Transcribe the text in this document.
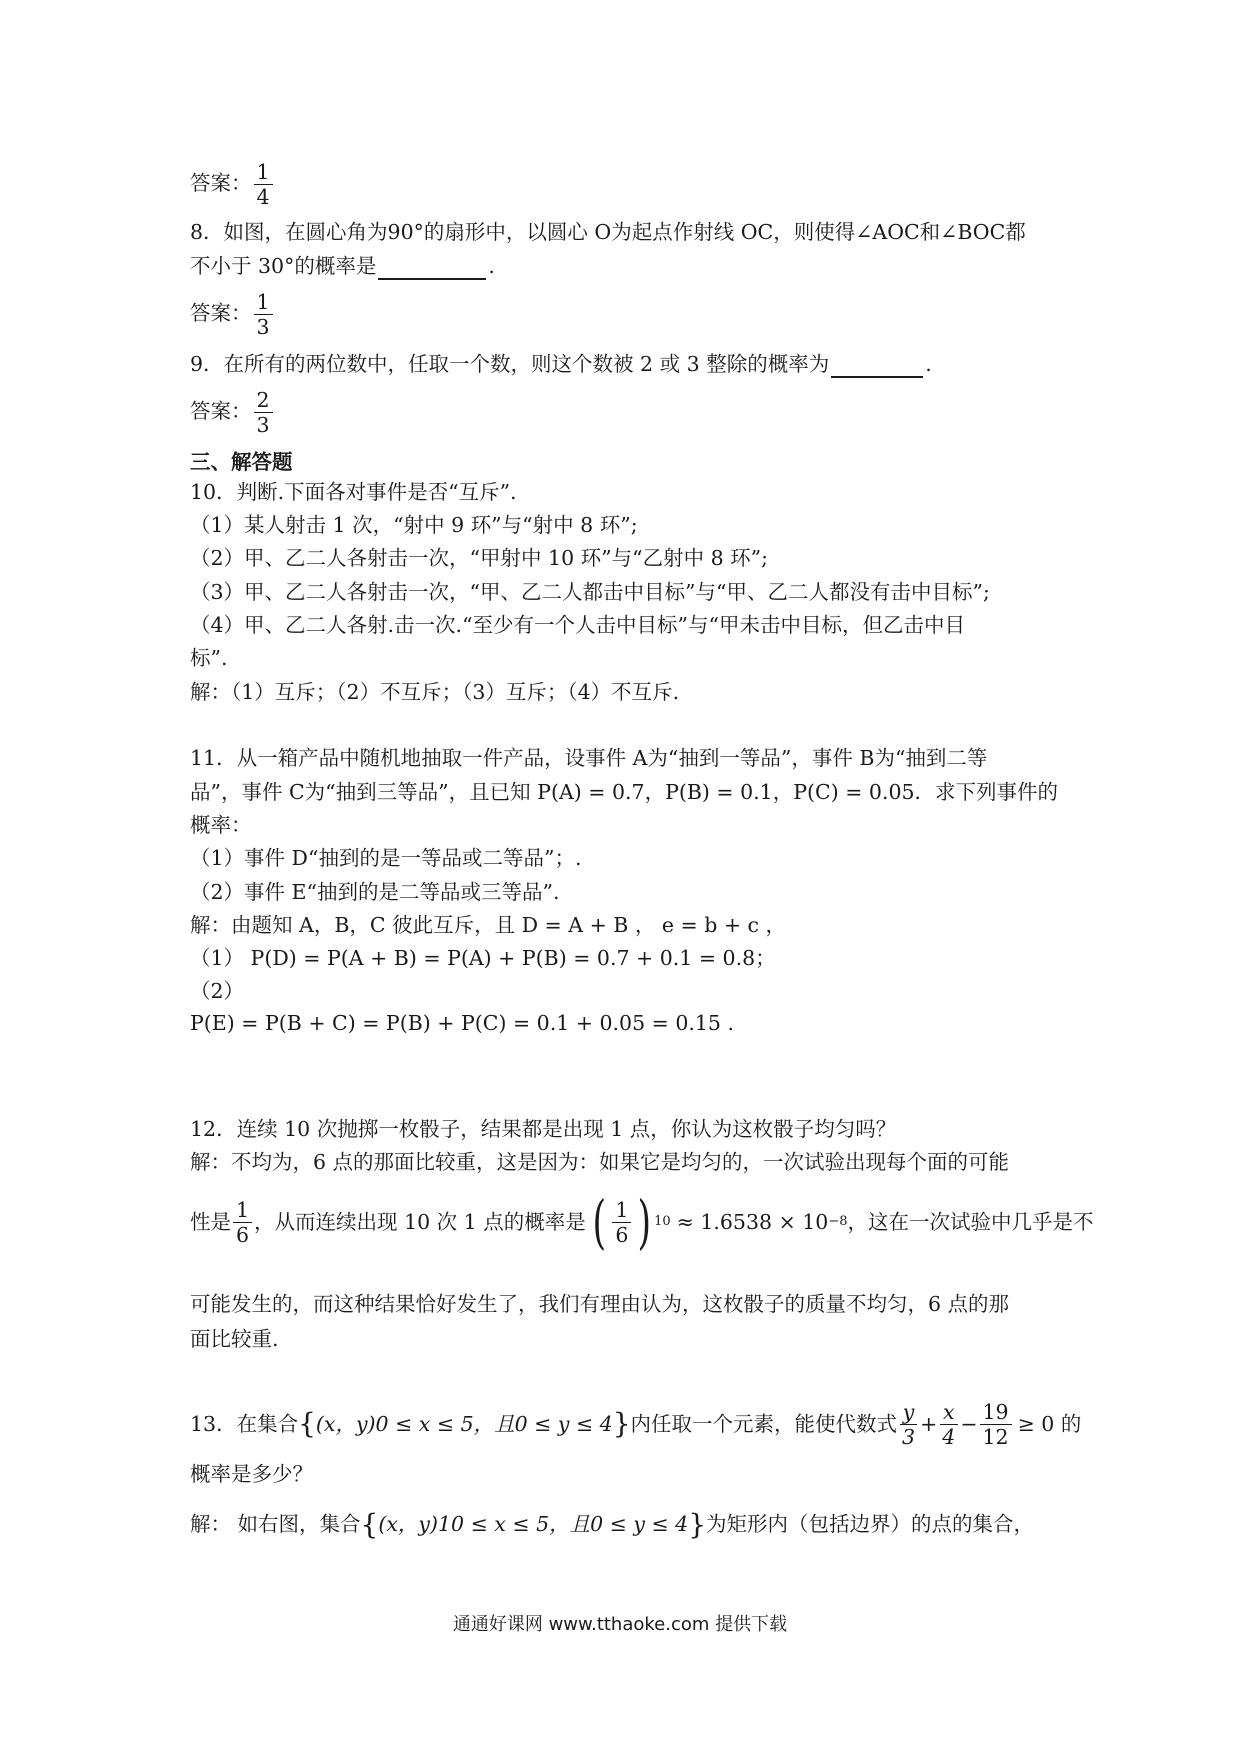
答案： $\frac{1}{4}$
8．如图，在圆心角为90°的扇形中，以圆心 O为起点作射线 OC，则使得∠AOC和∠BOC都
不小于 30°的概率是	.
答案： $\frac{1}{3}$
9．在所有的两位数中，任取一个数，则这个数被 2 或 3 整除的概率为	.
答案： $\frac{2}{3}$
三、解答题
10．判断.下面各对事件是否“互斥”.
（1）某人射击 1 次，“射中 9 环”与“射中 8 环”;
（2）甲、乙二人各射击一次，“甲射中 10 环”与“乙射中 8 环”;
（3）甲、乙二人各射击一次，“甲、乙二人都击中目标”与“甲、乙二人都没有击中目标”;
（4）甲、乙二人各射.击一次.“至少有一个人击中目标”与“甲未击中目标，但乙击中目
标”.
解：（1）互斥；（2）不互斥；（3）互斥；（4）不互斥.
11．从一箱产品中随机地抽取一件产品，设事件 A为“抽到一等品”，事件 B为“抽到二等
品”，事件 C为“抽到三等品”，且已知 P(A) = 0.7，P(B) = 0.1，P(C) = 0.05．求下列事件的
概率：
（1）事件 D“抽到的是一等品或二等品”；.
（2）事件 E“抽到的是二等品或三等品”.
解：由题知 A，B，C 彼此互斥，且 D = A + B ， e = b + c ，
（1） P(D) = P(A + B) = P(A) + P(B) = 0.7 + 0.1 = 0.8；
（2）
P(E) = P(B + C) = P(B) + P(C) = 0.1 + 0.05 = 0.15 .
12．连续 10 次抛掷一枚骰子，结果都是出现 1 点，你认为这枚骰子均匀吗？
解：不均为，6 点的那面比较重，这是因为：如果它是均匀的，一次试验出现每个面的可能
性是 $\frac{1}{6}$ ，从而连续出现 10 次 1 点的概率是 ( $\frac{1}{6}$ ) 10 ≈ 1.6538 × 10 −8 ，这在一次试验中几乎是不
可能发生的，而这种结果恰好发生了，我们有理由认为，这枚骰子的质量不均匀，6 点的那
面比较重.
13．在集合 { (x，y)0 ≤ x ≤ 5，且0 ≤ y ≤ 4 } 内任取一个元素，能使代数式 $\frac{y}{3} + \frac{x}{4} - \frac{19}{12} \ge 0$ 的
概率是多少？
解： 如右图，集合{(x，y)10 ≤ x ≤ 5，且0 ≤ y ≤ 4}为矩形内（包括边界）的点的集合，
通通好课网 www.tthaoke.com 提供下载
